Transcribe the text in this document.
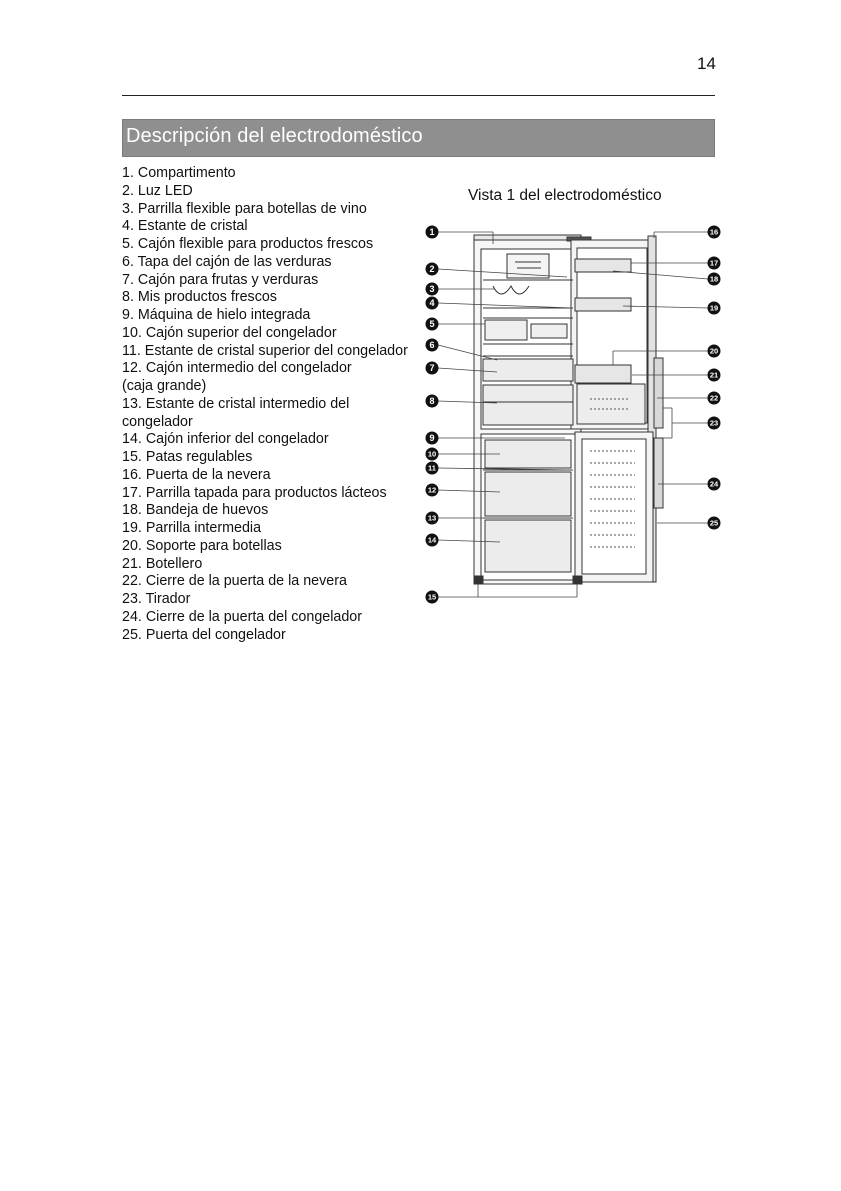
14
Descripción del electrodoméstico
1. Compartimento
2. Luz LED
3. Parrilla flexible para botellas de vino
4. Estante de cristal
5. Cajón flexible para productos frescos
6. Tapa del cajón de las verduras
7. Cajón para frutas y verduras
8. Mis productos frescos
9. Máquina de hielo integrada
10. Cajón superior del congelador
11. Estante de cristal superior del congelador
12. Cajón intermedio del congelador
(caja grande)
13. Estante de cristal intermedio del
congelador
14. Cajón inferior del congelador
15. Patas regulables
16. Puerta de la nevera
17. Parrilla tapada para productos lácteos
18. Bandeja de huevos
19. Parrilla intermedia
20. Soporte para botellas
21. Botellero
22. Cierre de la puerta de la nevera
23. Tirador
24. Cierre de la puerta del congelador
25. Puerta del congelador
Vista 1 del electrodoméstico
1
2
3
4
5
6
7
8
9
10
11
12
13
14
15
16
17
18
19
20
21
22
23
24
25
